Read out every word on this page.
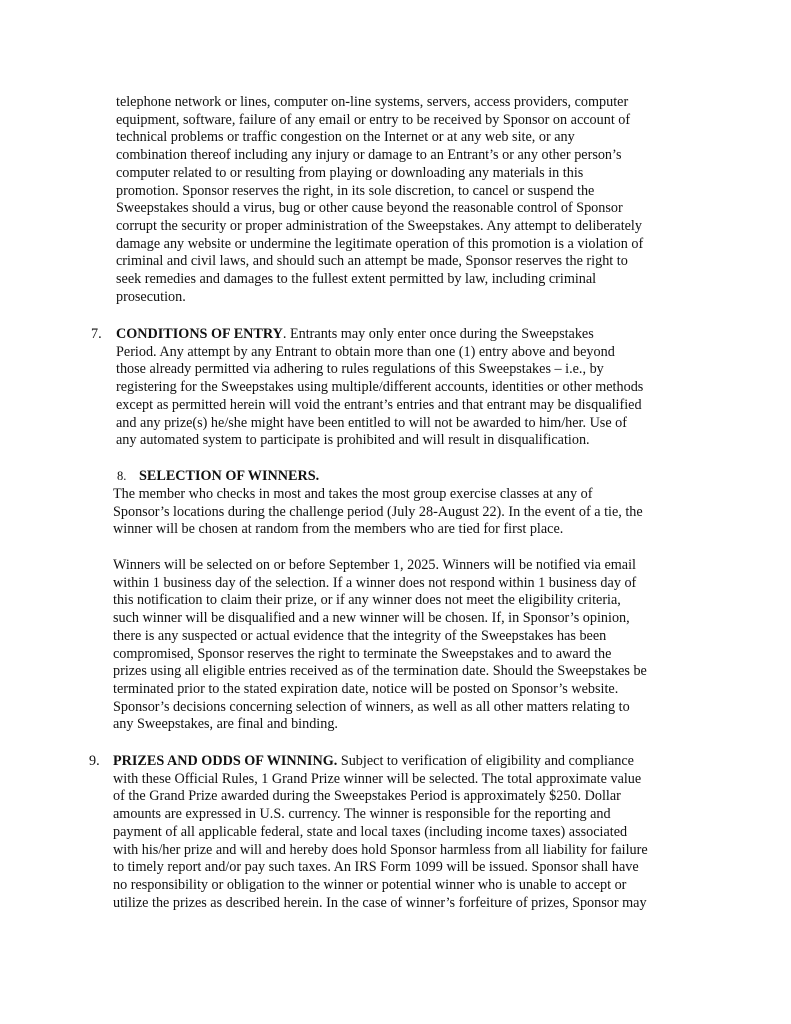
telephone network or lines, computer on-line systems, servers, access providers, computer
equipment, software, failure of any email or entry to be received by Sponsor on account of
technical problems or traffic congestion on the Internet or at any web site, or any
combination thereof including any injury or damage to an Entrant’s or any other person’s
computer related to or resulting from playing or downloading any materials in this
promotion. Sponsor reserves the right, in its sole discretion, to cancel or suspend the
Sweepstakes should a virus, bug or other cause beyond the reasonable control of Sponsor
corrupt the security or proper administration of the Sweepstakes. Any attempt to deliberately
damage any website or undermine the legitimate operation of this promotion is a violation of
criminal and civil laws, and should such an attempt be made, Sponsor reserves the right to
seek remedies and damages to the fullest extent permitted by law, including criminal
prosecution.
7. CONDITIONS OF ENTRY. Entrants may only enter once during the Sweepstakes
Period. Any attempt by any Entrant to obtain more than one (1) entry above and beyond
those already permitted via adhering to rules regulations of this Sweepstakes – i.e., by
registering for the Sweepstakes using multiple/different accounts, identities or other methods
except as permitted herein will void the entrant’s entries and that entrant may be disqualified
and any prize(s) he/she might have been entitled to will not be awarded to him/her. Use of
any automated system to participate is prohibited and will result in disqualification.
8. SELECTION OF WINNERS.
The member who checks in most and takes the most group exercise classes at any of
Sponsor’s locations during the challenge period (July 28-August 22). In the event of a tie, the
winner will be chosen at random from the members who are tied for first place.
Winners will be selected on or before September 1, 2025. Winners will be notified via email
within 1 business day of the selection. If a winner does not respond within 1 business day of
this notification to claim their prize, or if any winner does not meet the eligibility criteria,
such winner will be disqualified and a new winner will be chosen. If, in Sponsor’s opinion,
there is any suspected or actual evidence that the integrity of the Sweepstakes has been
compromised, Sponsor reserves the right to terminate the Sweepstakes and to award the
prizes using all eligible entries received as of the termination date. Should the Sweepstakes be
terminated prior to the stated expiration date, notice will be posted on Sponsor’s website.
Sponsor’s decisions concerning selection of winners, as well as all other matters relating to
any Sweepstakes, are final and binding.
9. PRIZES AND ODDS OF WINNING. Subject to verification of eligibility and compliance
with these Official Rules, 1 Grand Prize winner will be selected. The total approximate value
of the Grand Prize awarded during the Sweepstakes Period is approximately $250. Dollar
amounts are expressed in U.S. currency. The winner is responsible for the reporting and
payment of all applicable federal, state and local taxes (including income taxes) associated
with his/her prize and will and hereby does hold Sponsor harmless from all liability for failure
to timely report and/or pay such taxes. An IRS Form 1099 will be issued. Sponsor shall have
no responsibility or obligation to the winner or potential winner who is unable to accept or
utilize the prizes as described herein. In the case of winner’s forfeiture of prizes, Sponsor may
